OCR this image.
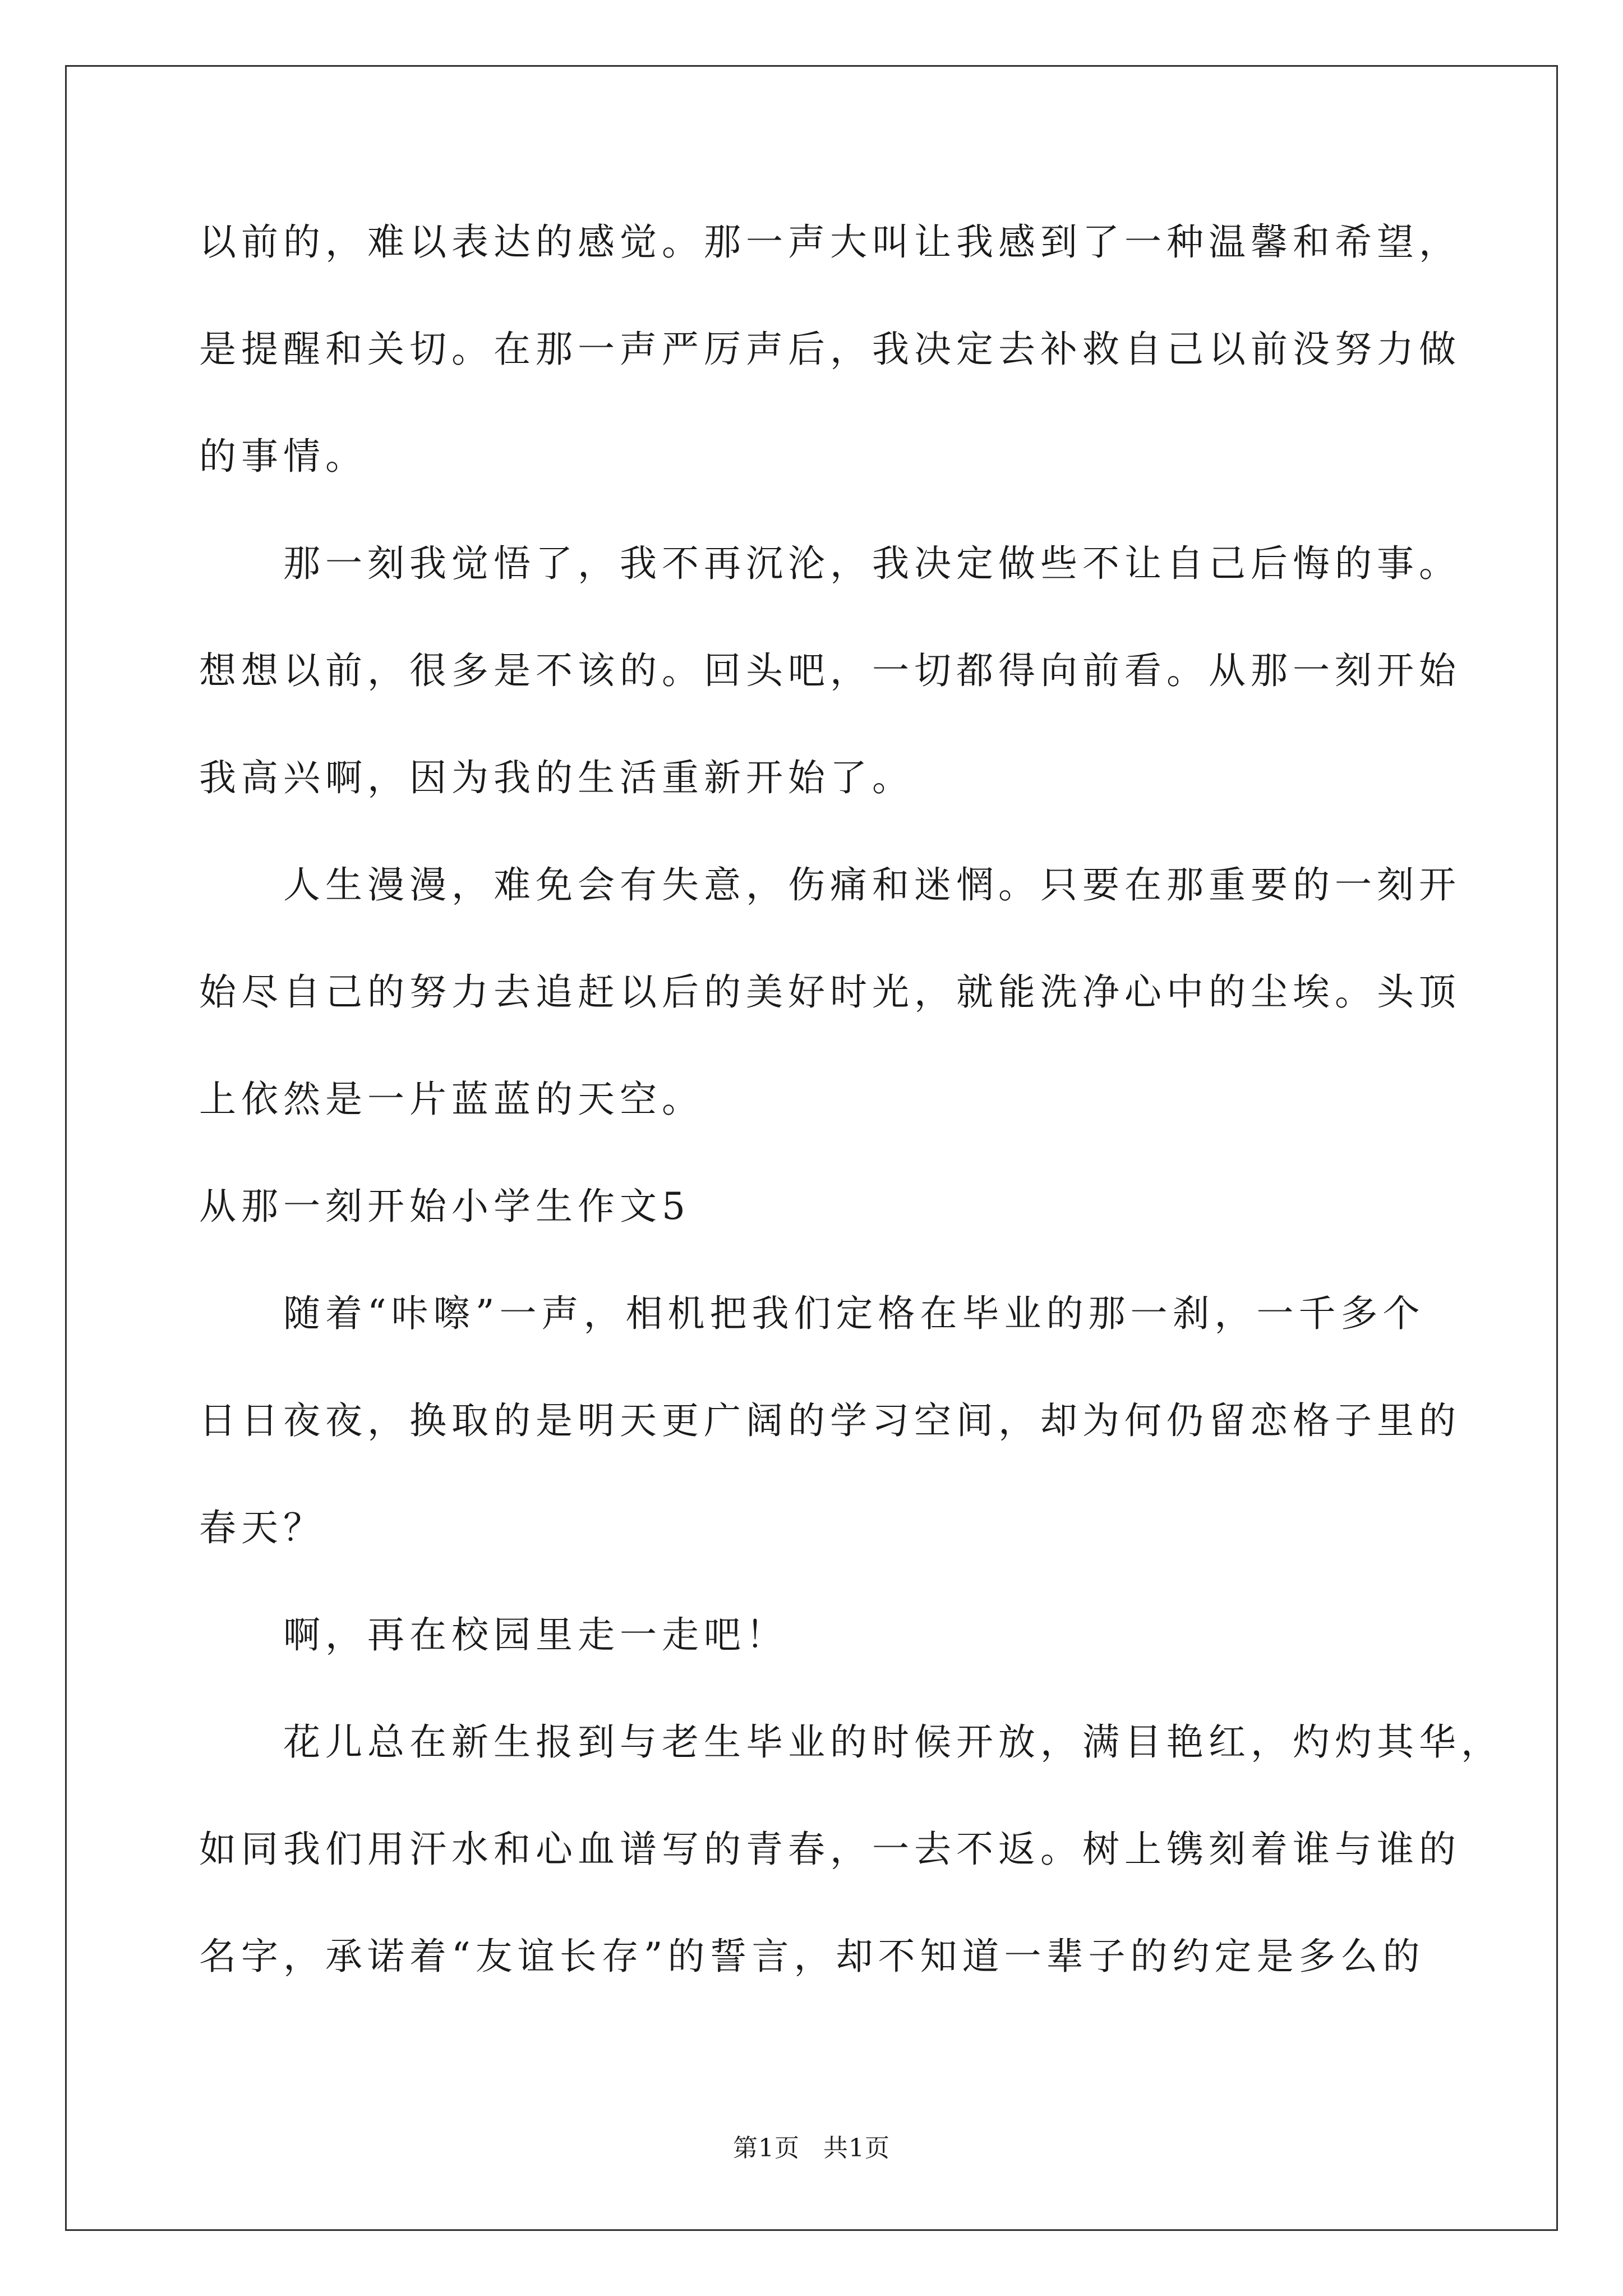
以前的，难以表达的感觉。那一声大叫让我感到了一种温馨和希望，
是提醒和关切。在那一声严厉声后，我决定去补救自己以前没努力做
的事情。
　　那一刻我觉悟了，我不再沉沦，我决定做些不让自己后悔的事。
想想以前，很多是不该的。回头吧，一切都得向前看。从那一刻开始
我高兴啊，因为我的生活重新开始了。
　　人生漫漫，难免会有失意，伤痛和迷惘。只要在那重要的一刻开
始尽自己的努力去追赶以后的美好时光，就能洗净心中的尘埃。头顶
上依然是一片蓝蓝的天空。
从那一刻开始小学生作文5
　　随着“咔嚓”一声，相机把我们定格在毕业的那一刹，一千多个
日日夜夜，换取的是明天更广阔的学习空间，却为何仍留恋格子里的
春天？
　　啊，再在校园里走一走吧！
　　花儿总在新生报到与老生毕业的时候开放，满目艳红，灼灼其华，
如同我们用汗水和心血谱写的青春，一去不返。树上镌刻着谁与谁的
名字，承诺着“友谊长存”的誓言，却不知道一辈子的约定是多么的
第1页 共1页
